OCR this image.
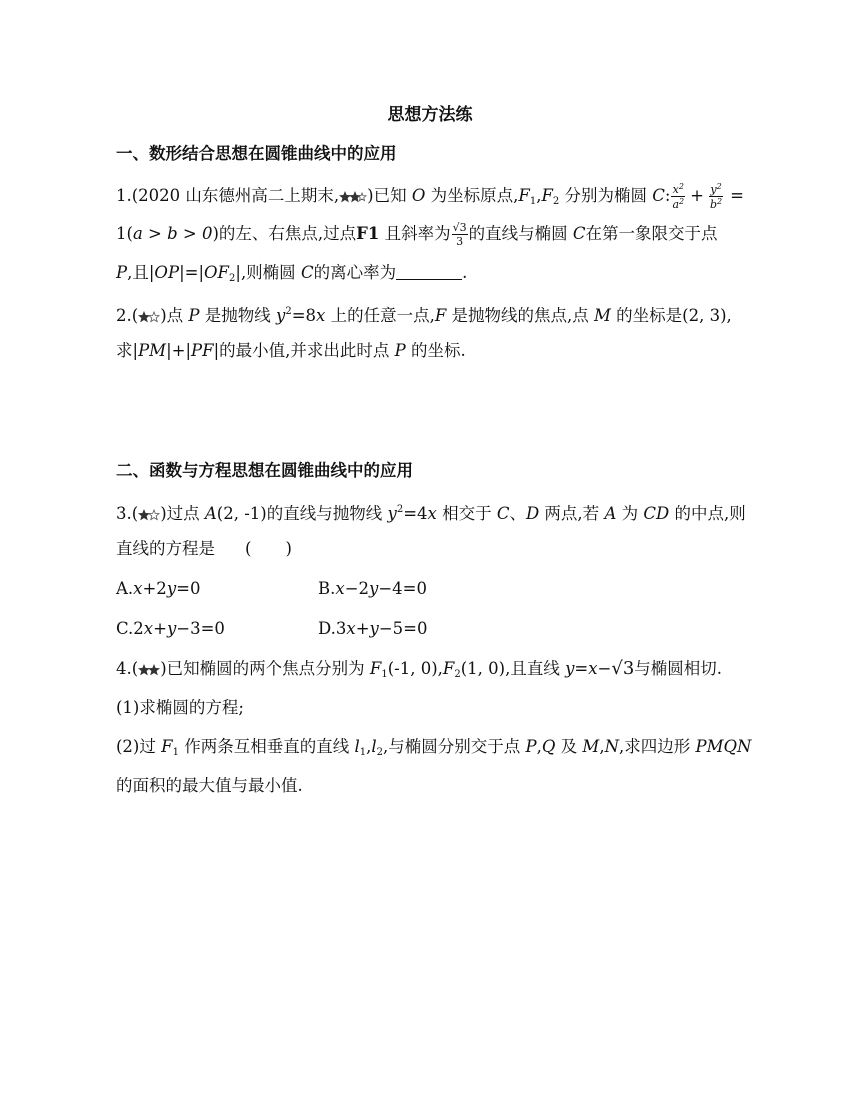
思想方法练
一、数形结合思想在圆锥曲线中的应用
1.(2020 山东德州高二上期末, )已知 O 为坐标原点$,F_1,F_2$ 分别为椭圆 C: $\frac{x^2}{a^2} + \frac{y^2}{b^2}$ =
1(a > b > 0)的左、右焦点,过点F1 且斜率为 $\frac{√3}{3}$ 的直线与椭圆 C在第一象限交于点
P,且$|OP|=|OF_2|$,则椭圆 C的离心率为	.
2.( )点 P 是抛物线 $y^2=8x$ 上的任意一点,F 是抛物线的焦点,点 M 的坐标是(2, 3),
求|PM|+|PF|的最小值,并求出此时点 P 的坐标.
二、函数与方程思想在圆锥曲线中的应用
3.( )过点 A(2, -1)的直线与抛物线 $y^2=4x$ 相交于 C、D 两点,若 A 为 CD 的中点,则
直线的方程是 ( )
A.x+2y=0	B.x−2y−4=0
C.2x+y−3=0	D.3x+y−5=0
4.( )已知椭圆的两个焦点分别为 $F_1(-1$, $0),F_2(1$, 0),且直线 y=x−√3与椭圆相切.
(1)求椭圆的方程;
(2)过 $F_1$ 作两条互相垂直的直线 $l_1,l_2$,与椭圆分别交于点 P,Q 及 M,N,求四边形 PMQN
的面积的最大值与最小值.
